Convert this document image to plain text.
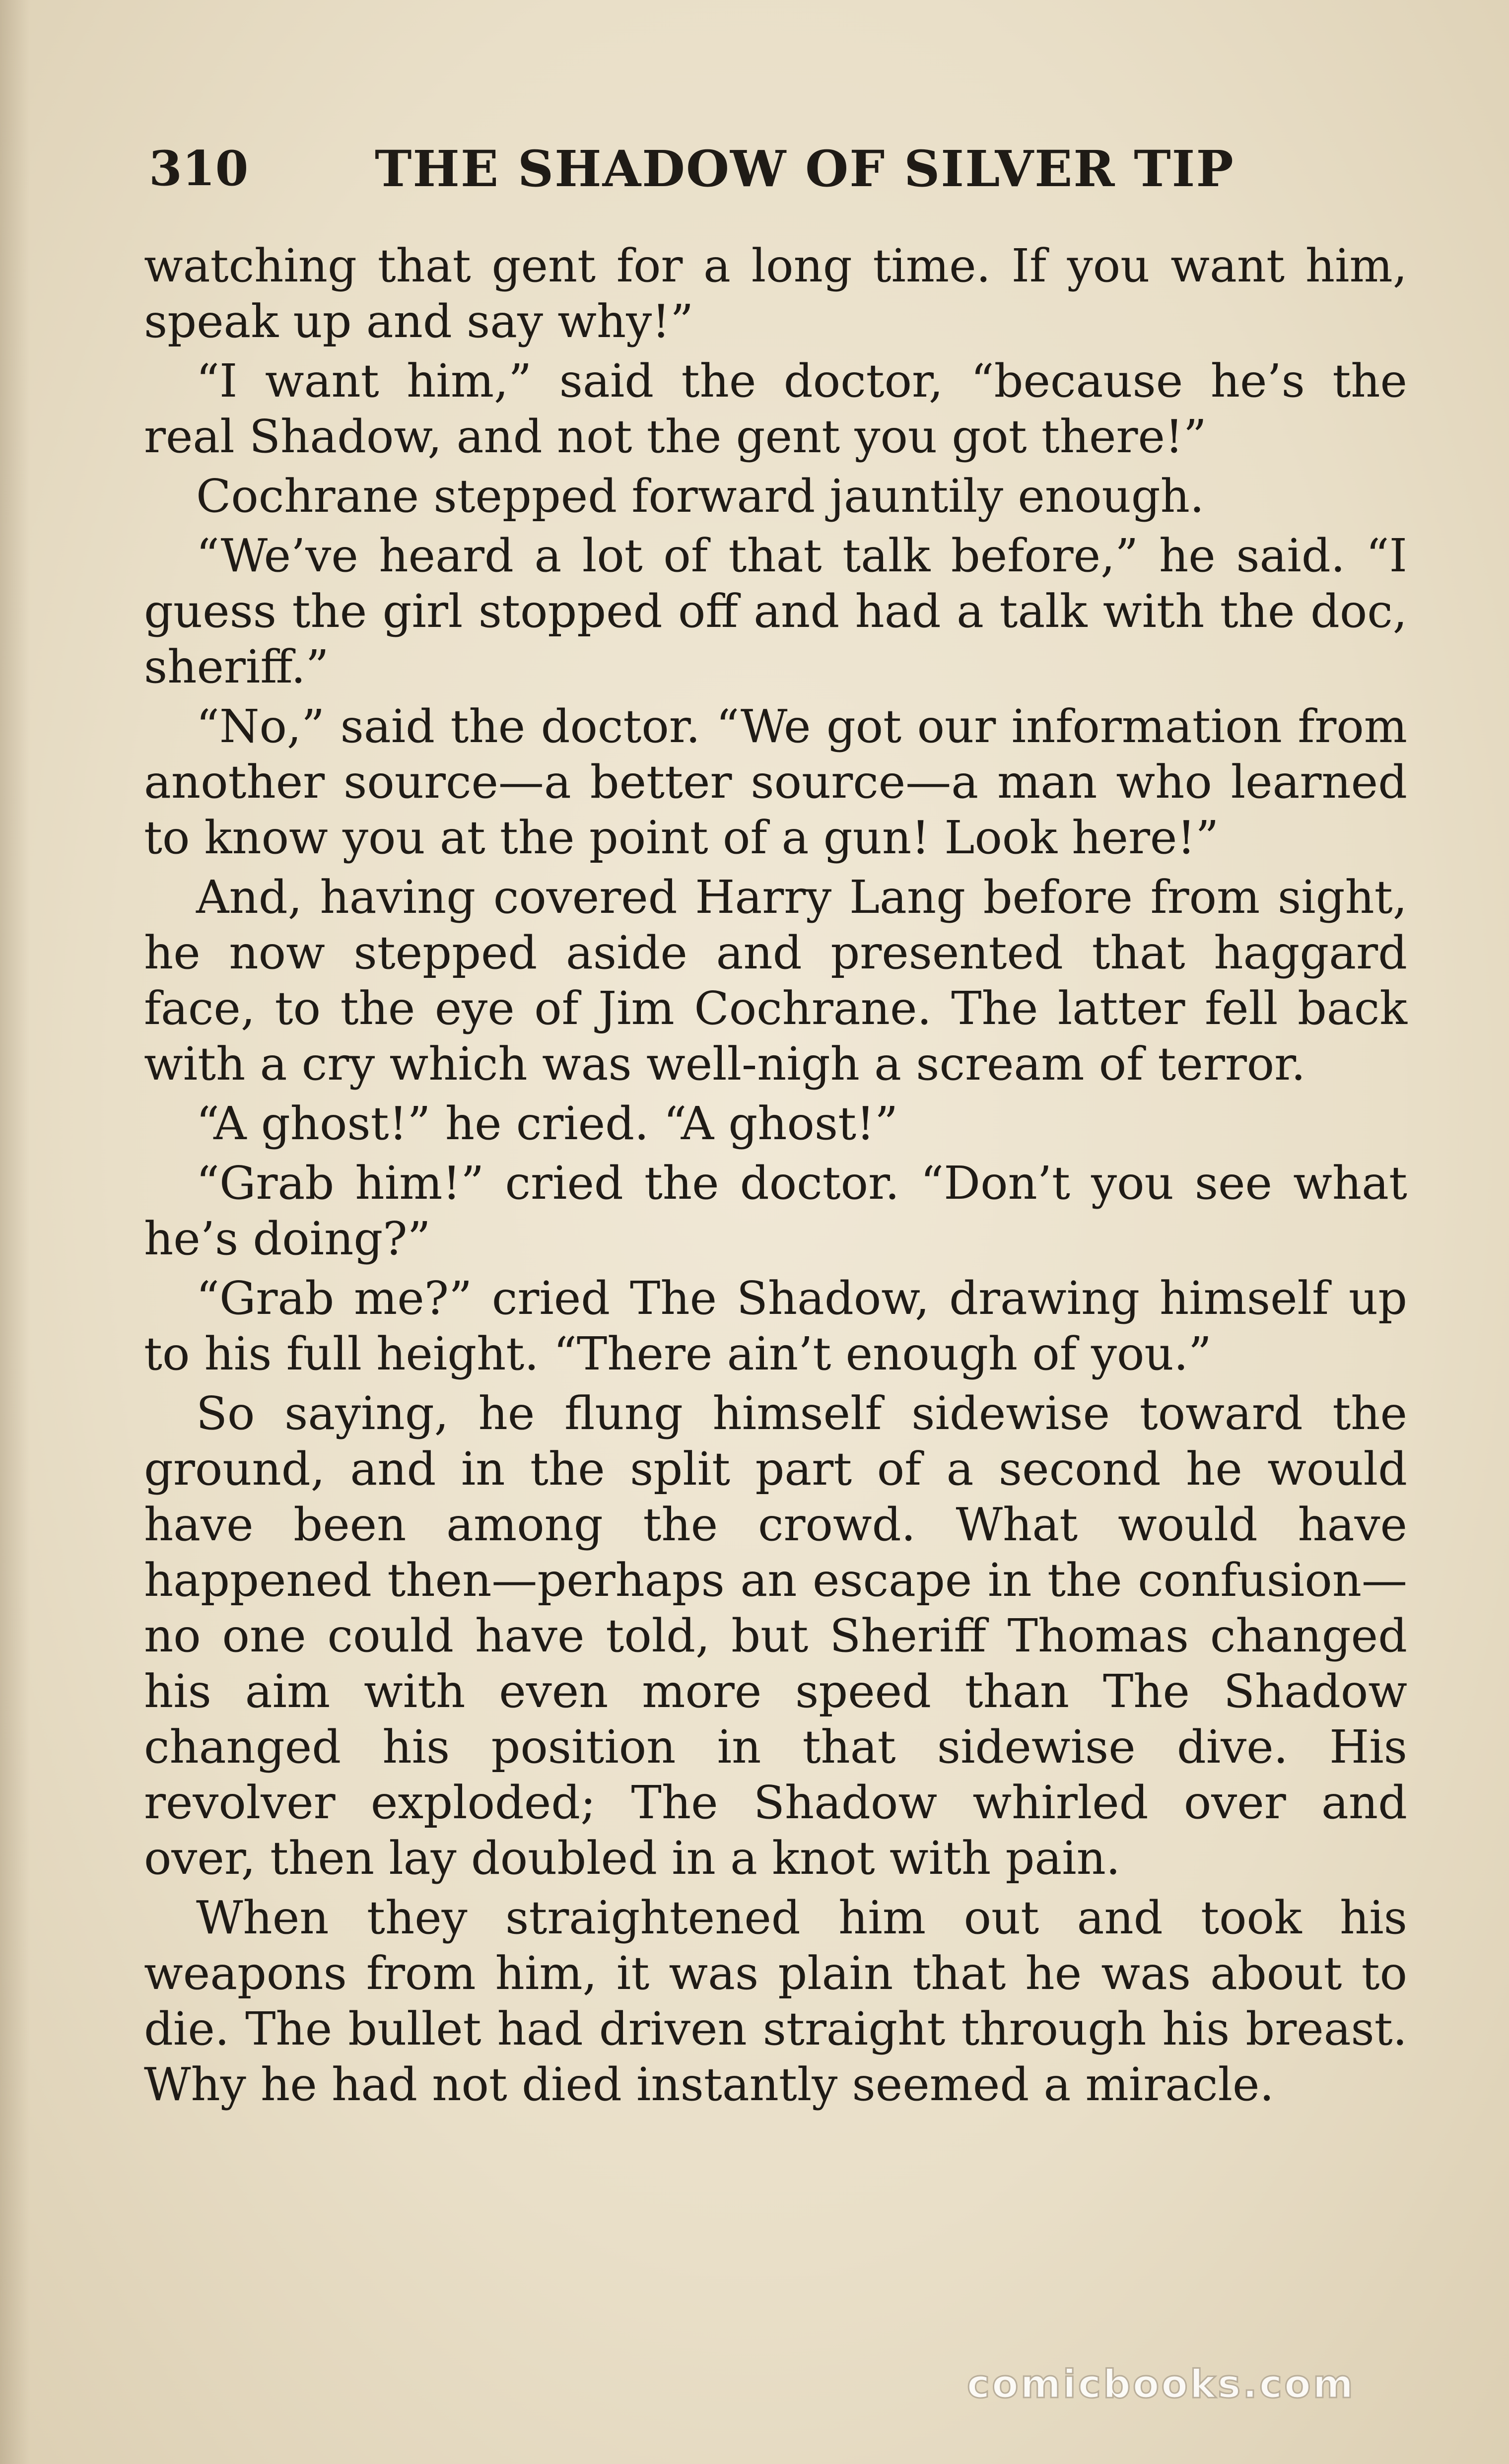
310	THE SHADOW OF SILVER TIP

watching that gent for a long time. If you want him, speak up and say why!”

“I want him,” said the doctor, “because he’s the real Shadow, and not the gent you got there!”

Cochrane stepped forward jauntily enough.

“We’ve heard a lot of that talk before,” he said. “I guess the girl stopped off and had a talk with the doc, sheriff.”

“No,” said the doctor. “We got our information from another source—a better source—a man who learned to know you at the point of a gun! Look here!”

And, having covered Harry Lang before from sight, he now stepped aside and presented that haggard face, to the eye of Jim Cochrane. The latter fell back with a cry which was well-nigh a scream of terror.

“A ghost!” he cried. “A ghost!”

“Grab him!” cried the doctor. “Don’t you see what he’s doing?”

“Grab me?” cried The Shadow, drawing himself up to his full height. “There ain’t enough of you.”

So saying, he flung himself sidewise toward the ground, and in the split part of a second he would have been among the crowd. What would have happened then—perhaps an escape in the confusion—no one could have told, but Sheriff Thomas changed his aim with even more speed than The Shadow changed his position in that sidewise dive. His revolver exploded; The Shadow whirled over and over, then lay doubled in a knot with pain.

When they straightened him out and took his weapons from him, it was plain that he was about to die. The bullet had driven straight through his breast. Why he had not died instantly seemed a miracle.

comicbooks.com
